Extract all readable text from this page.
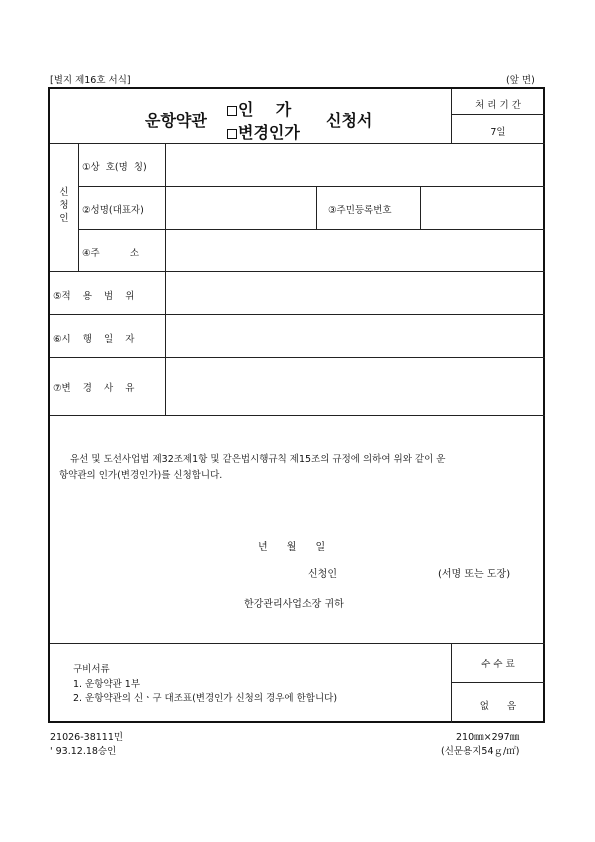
[별지 제16호 서식]	(앞 면)
운항약관
인    가
변경인가
신청서
처 리 기 간
7일
신
청
인
①상  호(명  칭)
②성명(대표자)	③주민등록번호
④주          소
⑤적    용    범    위
⑥시    행    일    자
⑦변    경    사    유
유선 및 도선사업법 제32조제1항 및 같은법시행규칙 제15조의 규정에 의하여 위와 같이 운
항약관의 인가(변경인가)를 신청합니다.
년      월      일
신청인	(서명 또는 도장)
한강관리사업소장 귀하
구비서류
1. 운항약관 1부
2. 운항약관의 신ㆍ구 대조표(변경인가 신청의 경우에 한합니다)
수 수 료
없      음
21026-38111민
' 93.12.18승인
210㎜×297㎜
(신문용지54ｇ/㎡)
